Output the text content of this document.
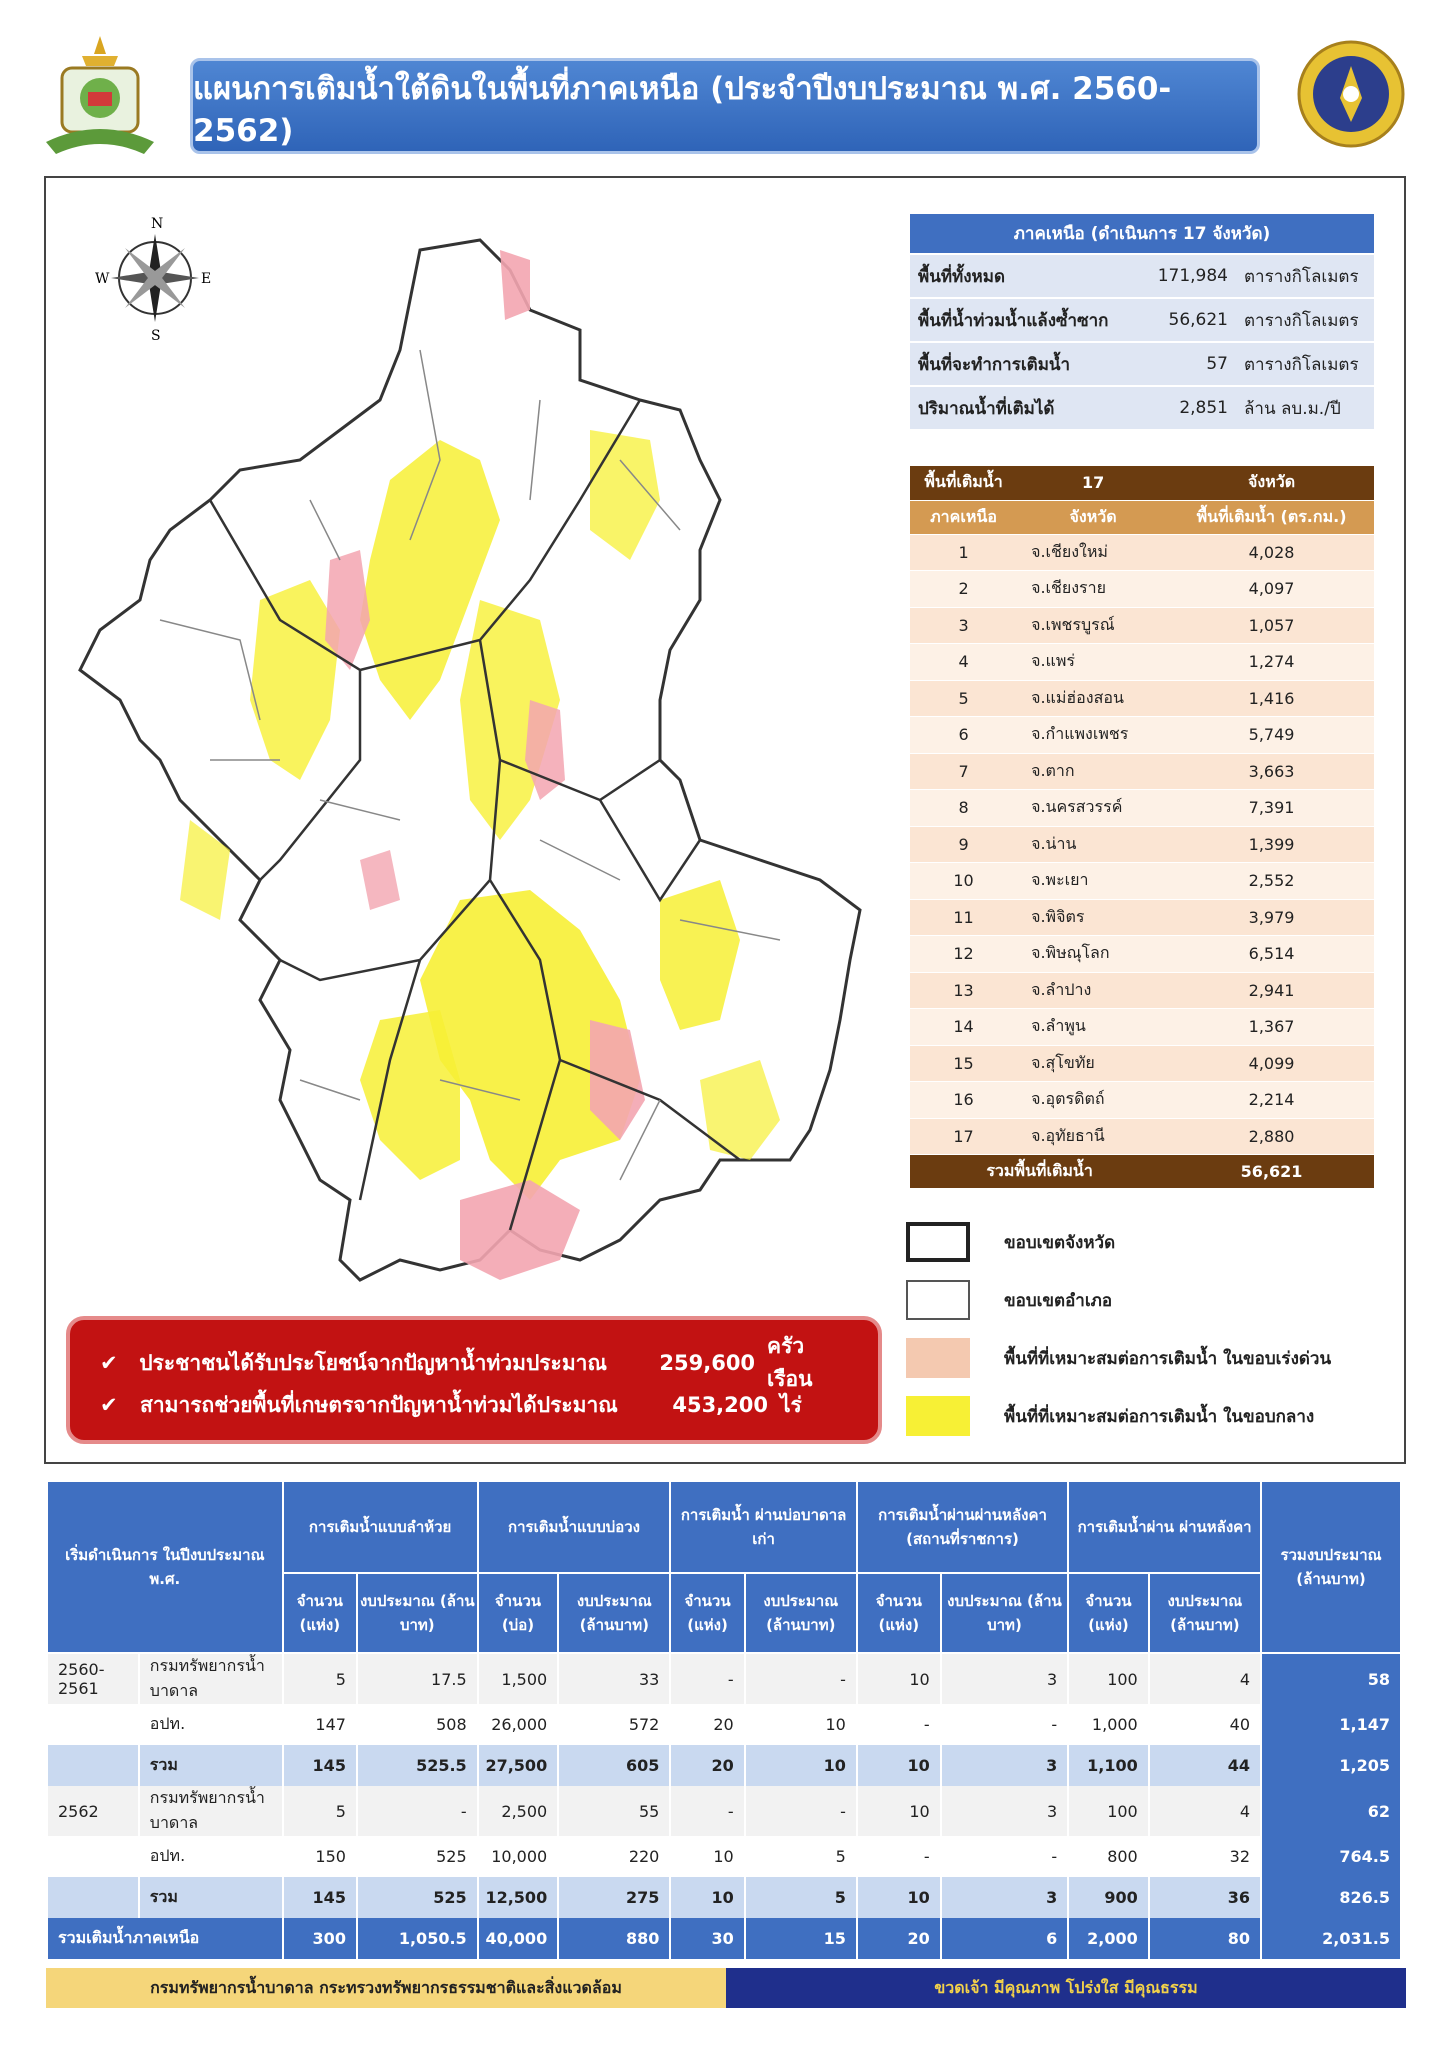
แผนการเติมน้ำใต้ดินในพื้นที่ภาคเหนือ (ประจำปีงบประมาณ พ.ศ. 2560-2562)
N
S
E
W
ภาคเหนือ (ดำเนินการ 17 จังหวัด)		
พื้นที่ทั้งหมด	171,984	ตารางกิโลเมตร
พื้นที่น้ำท่วมน้ำแล้งซ้ำซาก	56,621	ตารางกิโลเมตร
พื้นที่จะทำการเติมน้ำ	57	ตารางกิโลเมตร
ปริมาณน้ำที่เติมได้	2,851	ล้าน ลบ.ม./ปี
พื้นที่เติมน้ำ	17	จังหวัด
ภาคเหนือ	จังหวัด	พื้นที่เติมน้ำ (ตร.กม.)
1	จ.เชียงใหม่	4,028
2	จ.เชียงราย	4,097
3	จ.เพชรบูรณ์	1,057
4	จ.แพร่	1,274
5	จ.แม่ฮ่องสอน	1,416
6	จ.กำแพงเพชร	5,749
7	จ.ตาก	3,663
8	จ.นครสวรรค์	7,391
9	จ.น่าน	1,399
10	จ.พะเยา	2,552
11	จ.พิจิตร	3,979
12	จ.พิษณุโลก	6,514
13	จ.ลำปาง	2,941
14	จ.ลำพูน	1,367
15	จ.สุโขทัย	4,099
16	จ.อุตรดิตถ์	2,214
17	จ.อุทัยธานี	2,880
รวมพื้นที่เติมน้ำ		56,621
ขอบเขตจังหวัด
ขอบเขตอำเภอ
พื้นที่ที่เหมาะสมต่อการเติมน้ำ ในขอบเร่งด่วน
พื้นที่ที่เหมาะสมต่อการเติมน้ำ ในขอบกลาง
✔	ประชาชนได้รับประโยชน์จากปัญหาน้ำท่วมประมาณ	259,600
ครัวเรือน
✔	สามารถช่วยพื้นที่เกษตรจากปัญหาน้ำท่วมได้ประมาณ	453,200 ไร่
เริ่มดำเนินการ ในปีงบประมาณ พ.ศ.		การเติมน้ำแบบลำห้วย		การเติมน้ำแบบบ่อวง		การเติมน้ำ ผ่านบ่อบาดาลเก่า		การเติมน้ำผ่านผ่านหลังคา (สถานที่ราชการ)		การเติมน้ำผ่าน ผ่านหลังคา		รวมงบประมาณ (ล้านบาท)
		จำนวน (แห่ง)	งบประมาณ (ล้านบาท)	จำนวน (บ่อ)	งบประมาณ (ล้านบาท)	จำนวน (แห่ง)	งบประมาณ (ล้านบาท)	จำนวน (แห่ง)	งบประมาณ (ล้านบาท)	จำนวน (แห่ง)	งบประมาณ (ล้านบาท)	
2560-2561	กรมทรัพยากรน้ำบาดาล	5	17.5	1,500	33	-	-	10	3	100	4	58
	อปท.	147	508	26,000	572	20	10	-	-	1,000	40	1,147
	รวม	145	525.5	27,500	605	20	10	10	3	1,100	44	1,205
2562	กรมทรัพยากรน้ำบาดาล	5	-	2,500	55	-	-	10	3	100	4	62
	อปท.	150	525	10,000	220	10	5	-	-	800	32	764.5
	รวม	145	525	12,500	275	10	5	10	3	900	36	826.5
รวมเติมน้ำภาคเหนือ		300	1,050.5	40,000	880	30	15	20	6	2,000	80	2,031.5
กรมทรัพยากรน้ำบาดาล กระทรวงทรัพยากรธรรมชาติและสิ่งแวดล้อม	ขวดเจ้า มีคุณภาพ โปร่งใส มีคุณธรรม
